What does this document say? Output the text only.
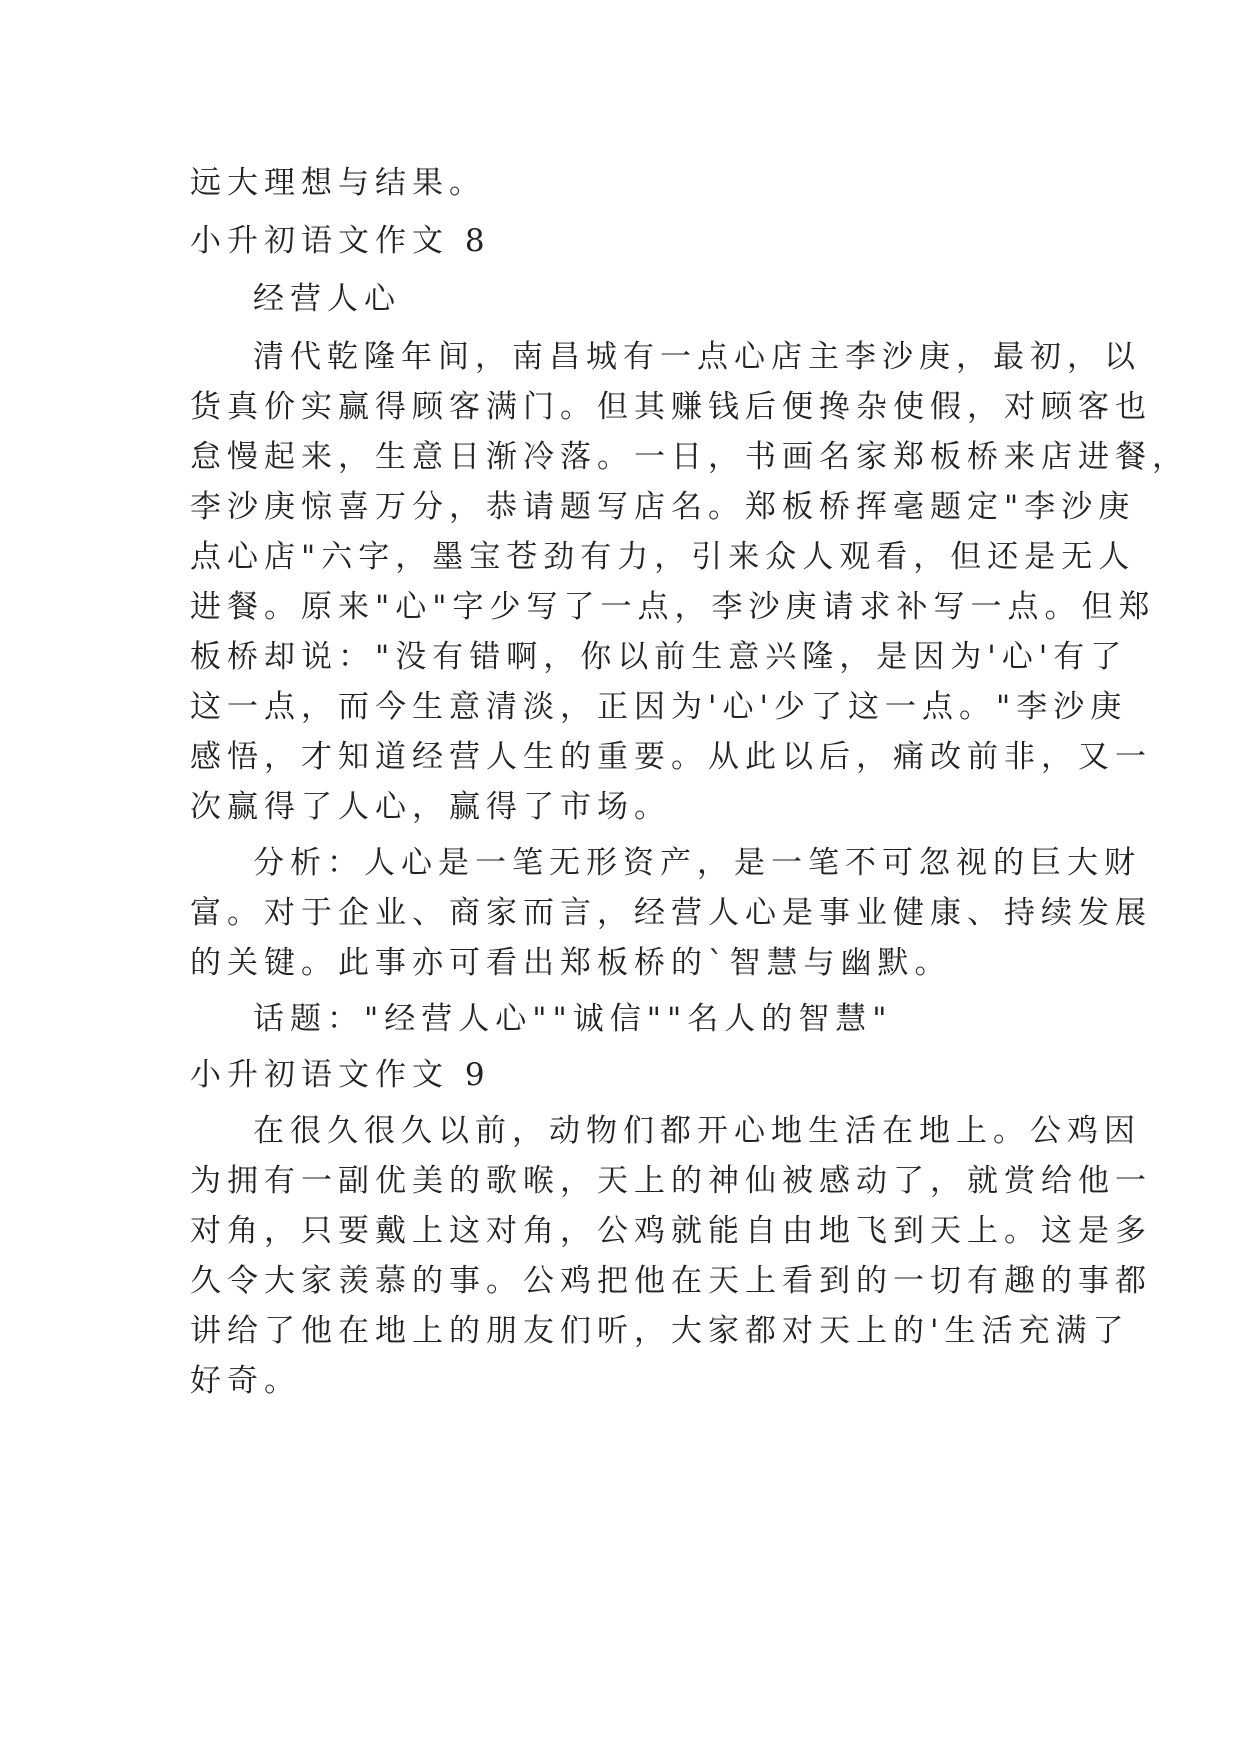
远大理想与结果。
小升初语文作文 8
经营人心
清代乾隆年间，南昌城有一点心店主李沙庚，最初，以
货真价实赢得顾客满门。但其赚钱后便搀杂使假，对顾客也
怠慢起来，生意日渐冷落。一日，书画名家郑板桥来店进餐，
李沙庚惊喜万分，恭请题写店名。郑板桥挥毫题定"李沙庚
点心店"六字，墨宝苍劲有力，引来众人观看，但还是无人
进餐。原来"心"字少写了一点，李沙庚请求补写一点。但郑
板桥却说："没有错啊，你以前生意兴隆，是因为'心'有了
这一点，而今生意清淡，正因为'心'少了这一点。"李沙庚
感悟，才知道经营人生的重要。从此以后，痛改前非，又一
次赢得了人心，赢得了市场。
分析：人心是一笔无形资产，是一笔不可忽视的巨大财
富。对于企业、商家而言，经营人心是事业健康、持续发展
的关键。此事亦可看出郑板桥的`智慧与幽默。
话题："经营人心""诚信""名人的智慧"
小升初语文作文 9
在很久很久以前，动物们都开心地生活在地上。公鸡因
为拥有一副优美的歌喉，天上的神仙被感动了，就赏给他一
对角，只要戴上这对角，公鸡就能自由地飞到天上。这是多
久令大家羡慕的事。公鸡把他在天上看到的一切有趣的事都
讲给了他在地上的朋友们听，大家都对天上的'生活充满了
好奇。
